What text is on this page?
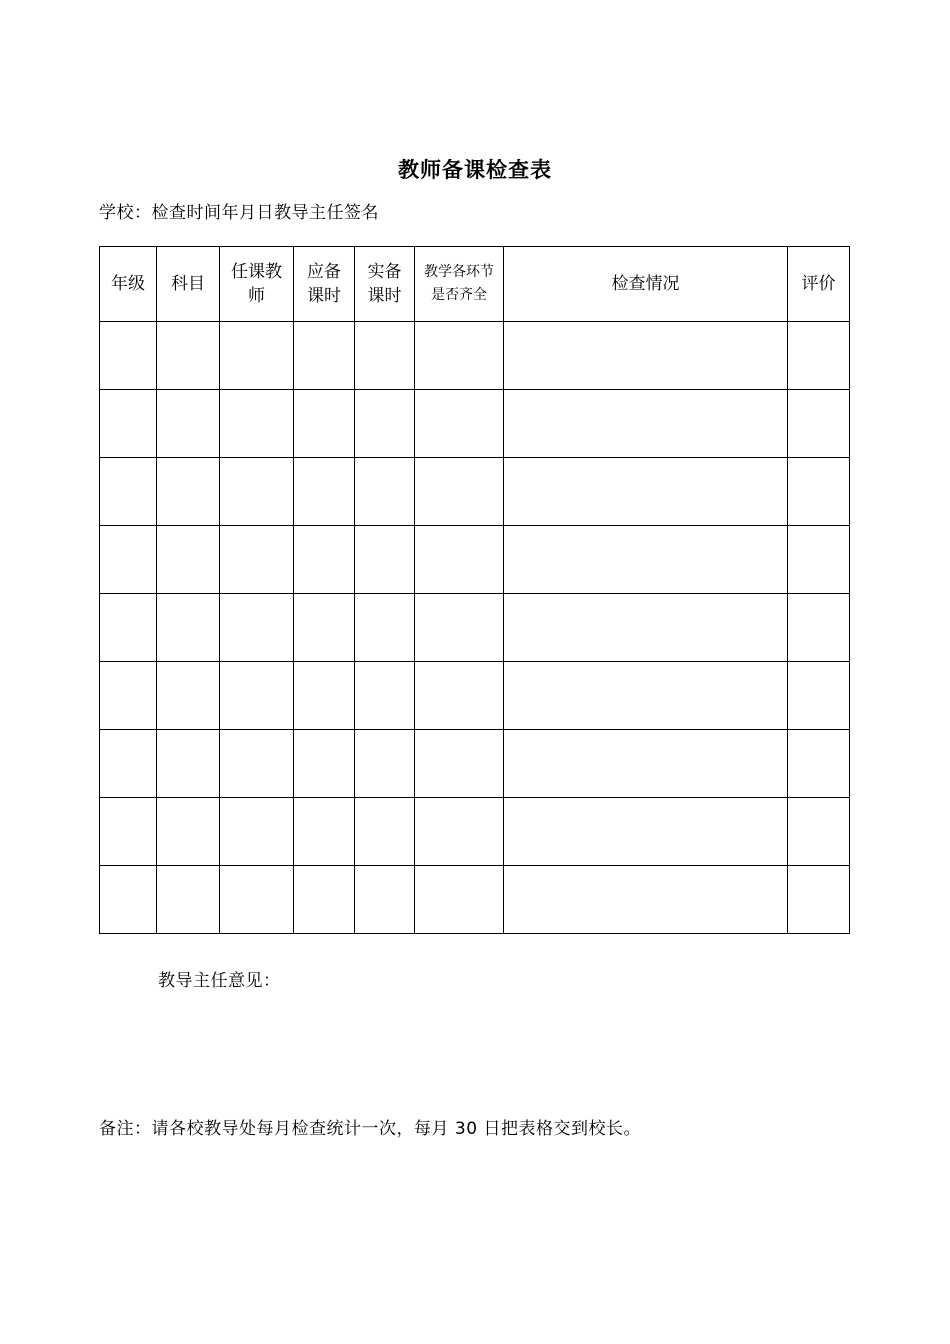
教师备课检查表
学校：检查时间年月日教导主任签名
年级	科目	任课教师	应备课时	实备课时	教学各环节是否齐全	检查情况	评价

教导主任意见：
备注：请各校教导处每月检查统计一次，每月 30 日把表格交到校长。
